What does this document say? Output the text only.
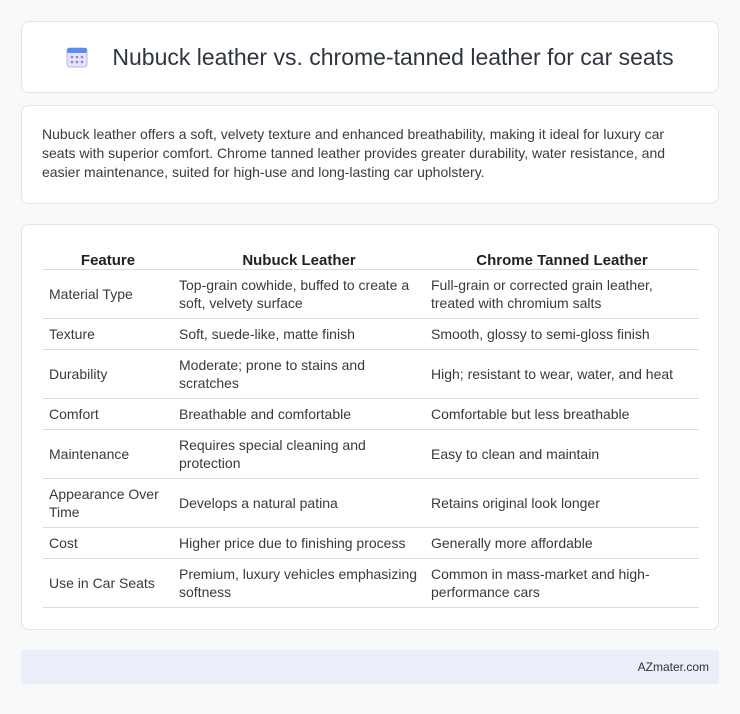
Nubuck leather vs. chrome-tanned leather for car seats

Nubuck leather offers a soft, velvety texture and enhanced breathability, making it ideal for luxury car seats with superior comfort. Chrome tanned leather provides greater durability, water resistance, and easier maintenance, suited for high-use and long-lasting car upholstery.

Feature	Nubuck Leather	Chrome Tanned Leather
Material Type	Top-grain cowhide, buffed to create a soft, velvety surface	Full-grain or corrected grain leather, treated with chromium salts
Texture	Soft, suede-like, matte finish	Smooth, glossy to semi-gloss finish
Durability	Moderate; prone to stains and scratches	High; resistant to wear, water, and heat
Comfort	Breathable and comfortable	Comfortable but less breathable
Maintenance	Requires special cleaning and protection	Easy to clean and maintain
Appearance Over Time	Develops a natural patina	Retains original look longer
Cost	Higher price due to finishing process	Generally more affordable
Use in Car Seats	Premium, luxury vehicles emphasizing softness	Common in mass-market and high-performance cars
AZmater.com
